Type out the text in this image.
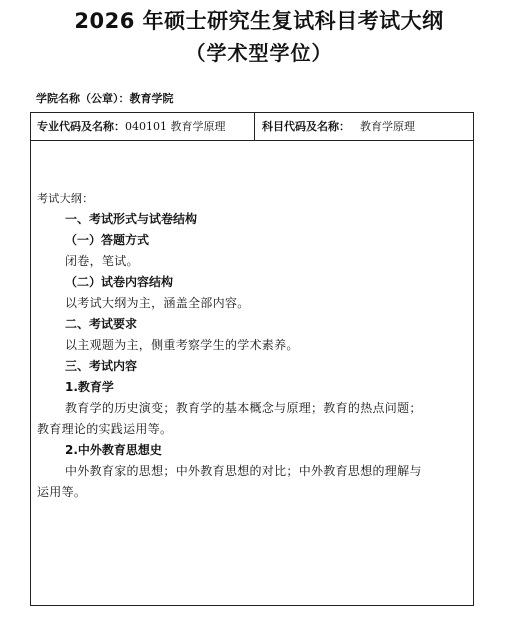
2026 年硕士研究生复试科目考试大纲
（学术型学位）
学院名称（公章）：教育学院
专业代码及名称：040101 教育学原理	科目代码及名称： 教育学原理
考试大纲：
一、考试形式与试卷结构
（一）答题方式
闭卷，笔试。
（二）试卷内容结构
以考试大纲为主，涵盖全部内容。
二、考试要求
以主观题为主，侧重考察学生的学术素养。
三、考试内容
1.教育学
教育学的历史演变；教育学的基本概念与原理；教育的热点问题；
教育理论的实践运用等。
2.中外教育思想史
中外教育家的思想；中外教育思想的对比；中外教育思想的理解与
运用等。
